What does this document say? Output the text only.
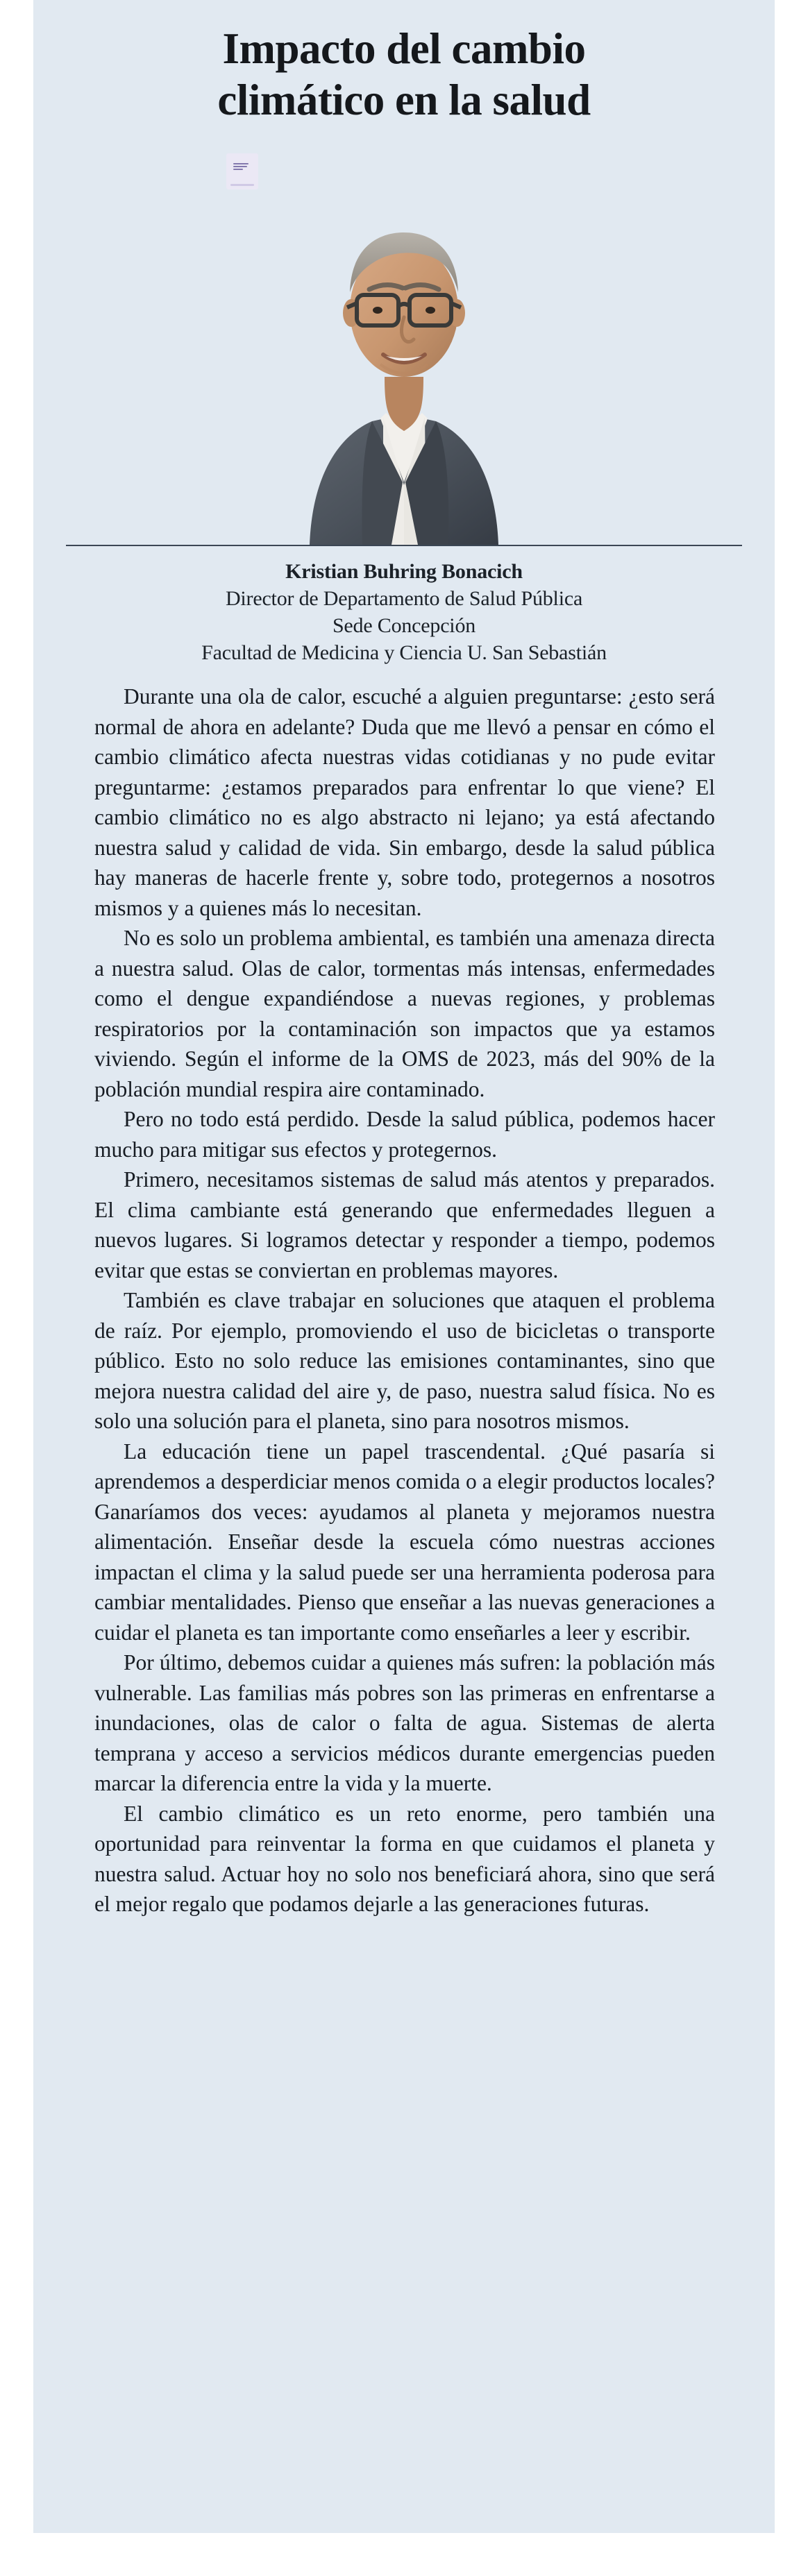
Impacto del cambio
climático en la salud
Kristian Buhring Bonacich
Director de Departamento de Salud Pública
Sede Concepción
Facultad de Medicina y Ciencia U. San Sebastián

Durante una ola de calor, escuché a alguien preguntarse: ¿esto será normal de ahora en adelante? Duda que me llevó a pensar en cómo el cambio climático afecta nuestras vidas cotidianas y no pude evitar preguntarme: ¿estamos preparados para enfrentar lo que viene? El cambio climático no es algo abstracto ni lejano; ya está afectando nuestra salud y calidad de vida. Sin embargo, desde la salud pública hay maneras de hacerle frente y, sobre todo, protegernos a nosotros mismos y a quienes más lo necesitan.

No es solo un problema ambiental, es también una amenaza directa a nuestra salud. Olas de calor, tormentas más intensas, enfermedades como el dengue expandiéndose a nuevas regiones, y problemas respiratorios por la contaminación son impactos que ya estamos viviendo. Según el informe de la OMS de 2023, más del 90% de la población mundial respira aire contaminado.

Pero no todo está perdido. Desde la salud pública, podemos hacer mucho para mitigar sus efectos y protegernos.

Primero, necesitamos sistemas de salud más atentos y preparados. El clima cambiante está generando que enfermedades lleguen a nuevos lugares. Si logramos detectar y responder a tiempo, podemos evitar que estas se conviertan en problemas mayores.

También es clave trabajar en soluciones que ataquen el problema de raíz. Por ejemplo, promoviendo el uso de bicicletas o transporte público. Esto no solo reduce las emisiones contaminantes, sino que mejora nuestra calidad del aire y, de paso, nuestra salud física. No es solo una solución para el planeta, sino para nosotros mismos.

La educación tiene un papel trascendental. ¿Qué pasaría si aprendemos a desperdiciar menos comida o a elegir productos locales? Ganaríamos dos veces: ayudamos al planeta y mejoramos nuestra alimentación. Enseñar desde la escuela cómo nuestras acciones impactan el clima y la salud puede ser una herramienta poderosa para cambiar mentalidades. Pienso que enseñar a las nuevas generaciones a cuidar el planeta es tan importante como enseñarles a leer y escribir.

Por último, debemos cuidar a quienes más sufren: la población más vulnerable. Las familias más pobres son las primeras en enfrentarse a inundaciones, olas de calor o falta de agua. Sistemas de alerta temprana y acceso a servicios médicos durante emergencias pueden marcar la diferencia entre la vida y la muerte.

El cambio climático es un reto enorme, pero también una oportunidad para reinventar la forma en que cuidamos el planeta y nuestra salud. Actuar hoy no solo nos beneficiará ahora, sino que será el mejor regalo que podamos dejarle a las generaciones futuras.
